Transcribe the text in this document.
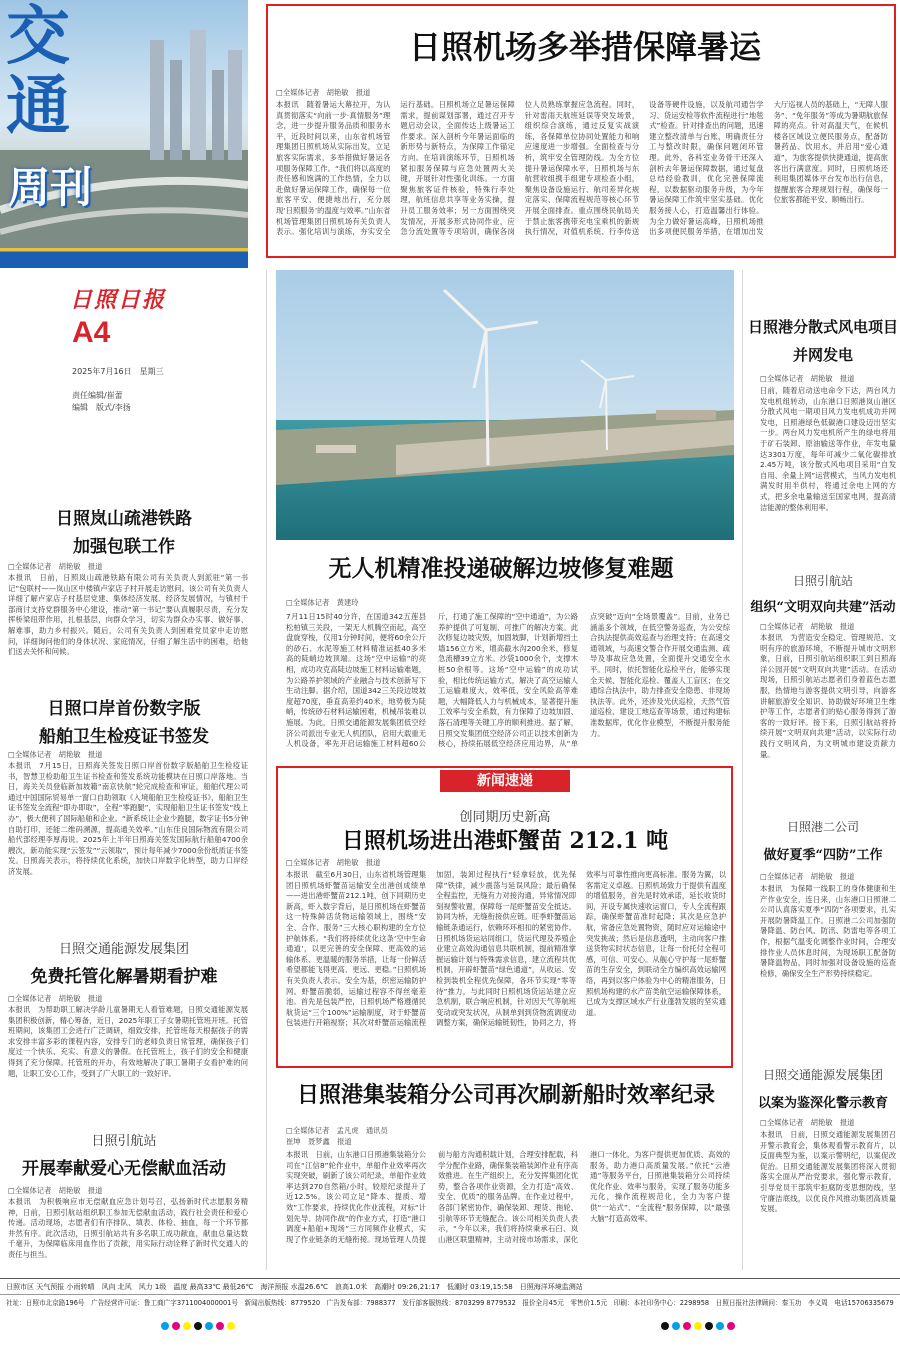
交
通
周刊
日照日报
A4
2025年7月16日　星期三
责任编辑/崔蕾
编辑　版式/李扬
日照机场多举措保障暑运
□全媒体记者　胡艳敏　报道
本报讯　随着暑运大幕拉开，为认真贯彻落实“向前一步·真情服务”理念，进一步提升服务品质和服务水平，近段时间以来，山东省机场管理集团日照机场从实际出发，立足旅客实际需求，多举措做好暑运各项服务保障工作。“我们将以高度的责任感和饱满的工作热情，全力以赴做好暑运保障工作，确保每一位旅客平安、便捷地出行，充分展现‘日照服务’的温度与效率。”山东省机场管理集团日照机场有关负责人表示。强化培训与演练，夯实安全运行基础。日照机场立足暑运保障需求，提前谋划部署，通过召开专题启动会议，全面传达上级暑运工作要求。深入剖析今年暑运面临的新形势与新特点，为保障工作锚定方向。在培训演练环节，日照机场紧扣服务保障与应急处置两大关键，开展针对性强化训练。一方面聚焦旅客证件核验，特殊行李处理，航班信息共享等业务实操，提升员工服务效率；另一方面围绕突发情况，开展多形式协同作业，应急分流处置等专项培训，确保各岗位人员熟练掌握应急流程。同时，针对雷雨天航班延误等突发场景，组织综合演练，通过反复实战演练，各保障单位协同处置能力和响应速度进一步增强。全面检查与分析，筑牢安全管理防线。为全方位提升暑运保障水平，日照机场与东航营收组携手组建专项检查小组，聚焦设备设施运行、航司差异化规定落实、保障流程规范等核心环节开展全面排查。重点围绕民航局关于禁止旅客携带充电宝乘机的新规执行情况，对值机系统、行李传送设备等硬件设施，以及航司通告学习、货运安检等软件流程进行“地毯式”检查。针对排查出的问题，迅速建立整改清单与台账，明确责任分工与整改时限，确保问题闭环管理。此外，各科室业务骨干还深入剖析去年暑运保障数据，通过复盘总结经验教训，优化完善保障流程，以数据驱动服务升级，为今年暑运保障工作筑牢坚实基础。优化服务接人心，打造温馨出行体验。为全力做好暑运高峰，日照机场推出多项便民服务举措，在增加出发大厅巡视人员的基础上，“无障人服务”、“免年服务”等成为暑期航旅保障的亮点。针对高温天气，在候机楼各区域设立便民服务点，配备防暑药品、饮用水，并启用“爱心通道”，为旅客提供快捷通道，提高旅客出行满意度。同时，日照机场还利用集团媒体平台发布出行信息，提醒旅客合理规划行程，确保每一位旅客都能平安、顺畅出行。
无人机精准投递破解边坡修复难题
□全媒体记者　黄建玲
7月11日15时40分许，在国道342五莲县松柏镇三关段，一架无人机腾空而起，高空盘旋穿梭，仅用1分钟时间，便将60余公斤的砂石、水泥等施工材料精准运抵40多米高的陡峭边坡顶端。这场“空中运输”的亮相，成功攻克高陡边坡施工材料运输难题，为公路养护领域的产业融合与技术创新写下生动注脚。据介绍，国道342三关段边坡坡度超70度，垂直高差约40米，地势极为陡峭，传统砂石材料运输困难，机械吊装难以施展。为此，日照交通能源发展集团低空经济公司派出专业无人机团队，启用大载重无人机设备，率先开启运输施工材料超60公斤，打通了施工保障的“空中通道”，为公路养护提供了可复制、可推广的解决方案。此次修复边坡灾毁，加固坡脚，计划新增挡土墙156立方米，增高截水沟200余米，修复急流槽39立方米。沙袋1000余个，支撑木桩50余根等。这场“空中运输”的成功试验，相比传统运输方式，解决了高空运输人工运输难度大，效率低，安全风险高等难题，大幅降低人力与机械成本，显著提升施工效率与安全系数，有力保障了边坡加固、落石清理等关键工序的顺利推进。据了解，日照交发集团低空经济公司正以技术创新为核心，持续拓展低空经济应用边界，从“单点突破”迈向“全场景覆盖”。目前，业务已涵盖多个领域，在低空警务巡查，为公安综合执法提供高效巡查与治理支持；在高速交通领域，与高速交警合作开展交通监测、疏导及事故应急处置，全面提升交通安全水平。同时，依托智能化巡检平台，能够实现全天候、智能化巡检、覆盖人工盲区；在交通综合执法中，助力排查安全隐患、非现场执法等。此外，还涉及光伏巡检，天然气管道巡检、建设工地巡查等场景，通过构建标准数据库，优化作业模型，不断提升服务能力。
新闻速递
创同期历史新高
日照机场进出港虾蟹苗 212.1 吨
□全媒体记者　胡艳敏　报道
本报讯　截至6月30日，山东省机场管理集团日照机场虾蟹苗运输安全出港创成绩单——进出港虾蟹苗212.1吨，创下同期历史新高，虾入数字背后，是日照机场在虾蟹苗这一特殊鲜活货物运输领域上，围绕“安全、合作、服务”三大核心职构建的全方位护航体系。“我们将持续优化这条‘空中生命通道’，以更完善的安全保障、更高效的运输体系、更温暖的服务举措，让每一份鲜活希望都能飞得更高、更远、更稳。”日照机场有关负责人表示。安全为基，织密运输防护网。虾蟹苗脆弱，运输过程容不得丝毫差池。首先是包装严控，日照机场严格遵循民航货运“三个100%”运输制度，对于虾蟹苗包装进行开箱视察；其次对虾蟹苗运输流程加固，装卸过程执行“轻拿轻放，优先保障”铁律，减少震荡与延误风险；最后确保全程监控，无缝有力对接沟通，异常情况即刻视警收置，保障每一尾虾蟹苗安全抵达。协同为桥，无缝衔接供应链。旺季虾蟹苗运输链条通运行，依赖环环相扣的紧密协作。日照机场货运站同组口，货运代理及养殖企业建立高效沟通信息共联机制，提前精准掌握运输计划与特殊需求信息，建立流程共优机制，开辟虾蟹苗“绿色通道”，从收运、安检到装机全程优先保障，各环节实现“零等待”推力，与此同时日照机场货运站建立应急机制，联合响应机制，针对因天气等航班变动或突发状况，从制单到到货物流调度动调整方案，确保运输链韧性，协同之力，将效率与可靠性推向更高标准。服务为翼，以客需定义卓越。日照机场致力于提供有温度的增值服务，首先是时效承诺，延长收货时间，开设专属快速收运窗口，专人全流程跟踪，确保虾蟹苗准时起降；其次是应急护航，常备应急处置物资，随时应对运输途中突发挑战；然后是信息透明，主动向客户推送货物实时状态信息，让每一份托付全程可感，可信、可安心。从舰心守护每一尾虾蟹苗的生存安全，到联动全方编织高效运输网络，再到以客户体验为中心的精准服务，日照机场构建的水产苗类航空运输保障体系，已成为支撑区域水产行业蓬勃发展的坚实通道。
日照港集装箱分公司再次刷新船时效率纪录
□全媒体记者　孟凡虎　通讯员
崔坤　聂梦鑫　报道
本报讯　日前，山东港口日照港集装箱分公司在“江信8”轮作业中，单船作业效率再次实现突破，刷新了该公司纪录，单船作业效率达到270自然箱/小时，较原纪录提升了近12.5%。该公司立足“降本、提质、增效”工作要求，持续优化作业流程，对标“计划先导、协同作战”的作业方式，打造“港口调度+船舶+现场”三方同频作业模式，实现了作业链条的无缝衔接。现场管理人员提前与船方沟通积载计划，合理安排配载，科学分配作业路，确保集装箱装卸作业有序高效推进。在生产组织上，充分发挥集团化优势，整合各项作业资源，全力打造“高效、安全、优质”的服务品牌。在作业过程中，各部门紧密协作，确保装卸、理货、拖轮、引航等环节无缝配合。该公司相关负责人表示，“今年以来，我们将持续秉承石臼、岚山港区联盟精神，主动对接市场需求，深化港口一体化，为客户提供更加优质、高效的服务，助力港口高质量发展。”依托“云港通”等服务平台，日照港集装箱分公司持续优化作业、效率与服务，实现了服务功能多元化，操作流程规范化，全力为客户提供“一站式”、“全流程”服务保障，以“最强大脑”打造高效率。
日照港分散式风电项目
并网发电
□全媒体记者　胡艳敏　报道
日前，随着启动送电命令下达，两台风力发电机组转动，山东港口日照港岚山港区分散式风电一期项目风力发电机成功并网发电，日照港绿色低碳港口建设迈出坚实一步。两台风力发电机所产生的绿电将用于矿石装卸、原油输送等作业，年发电量达3301万度，每年可减少二氧化碳排放2.45万吨，该分散式风电项目采用“自发自用、余量上网”运营模式，当风力发电机满发时用半供村，将通过余电上网的方式，把多余电量输送至国家电网，提高清洁能源的整体利用率。
日照引航站
组织“文明双向共建”活动
□全媒体记者　胡艳敏　报道
本报讯　为营造安全稳定、管理规范、文明有序的旅游环境，不断提升城市文明形象，日前，日照引航站组织职工到日照海洋公园开展“文明双向共建”活动。在活动现场，日照引航站志愿者们身着蓝色志愿服，热情地与游客提供文明引导，向游客讲解旅游安全知识、协助做好环境卫生维护等工作，志愿者们的贴心服务得到了游客的一致好评。接下来，日照引航站将持续开展“文明双向共建”活动，以实际行动践行文明风尚，为文明城市建设贡献力量。
日照港二公司
做好夏季“四防”工作
□全媒体记者　胡艳敏　报道
本报讯　为保障一线职工的身体健康和生产作业安全，连日来，山东港口日照港二公司认真落实夏季“四防”各项要求，扎实开展防暑降温工作。日照港二公司加强防暑降温、防台风、防汛、防雷电等各项工作，根据气温变化调整作业时间，合理安排作业人员休息时间，为现场职工配备防暑降温物品，同时加强对设备设施的巡查检修，确保安全生产形势持续稳定。
日照交通能源发展集团
以案为鉴深化警示教育
□全媒体记者　胡艳敏　报道
本报讯　日前，日照交通能源发展集团召开警示教育会，集体观看警示教育片，以反面典型为鉴，以案示警明纪，以案促改促治。日照交通能源发展集团将深入贯彻落实全面从严治党要求，强化警示教育，引导党员干部筑牢拒腐防变思想防线，坚守廉洁底线，以优良作风推动集团高质量发展。
日照岚山疏港铁路
加强包联工作
□全媒体记者　胡艳敏　报道
本报讯　日前，日照岚山疏港铁路有限公司有关负责人到派驻“第一书记”包联村——岚山区中楼镇卢家店子村开展走访慰问。该公司有关负责人详细了解卢家店子村基层党建、集体经济发展、经济发展情况，与镇村干部商讨支持党群服务中心建设，推动“第一书记”要认真履职尽责，充分发挥桥梁纽带作用，扎根基层，向群众学习，切实为群众办实事、做好事、解难事，助力乡村振兴。随后，公司有关负责人到困难党员家中走访慰问，详细询问他们的身体状况、家庭情况，仔细了解生活中的困难，给他们送去关怀和问候。
日照口岸首份数字版
船舶卫生检疫证书签发
□全媒体记者　胡艳敏　报道
本报讯　7月15日，日照海关签发日照口岸首份数字版船舶卫生检疫证书，智慧卫检助船卫生证书检查和签发系统功能模块在日照口岸落地。当日，海关关员登临新加坡籍“南京快航”轮完成检查和审证，船舶代理公司通过中国国际贸易单一窗口自助领取《入境船舶卫生检疫证书》，船舶卫生证书签发全流程“即办即取”，全程“零跑腿”，实现船舶卫生证书签发“线上办”，极大便利了国际船舶和企业。“新系统让企业少跑腿，数字证书5分钟自助打印，还能二维码溯源，提高通关效率。”山东佳良国际物流有限公司船代部经理李厚海说。2025年上半年日照海关签发国际航行船舶4700余艘次，新功能实现“云签发”“云领取”，预计每年减少7000余份纸质证书签发。日照海关表示，将持续优化系统，加快口岸数字化转型，助力口岸经济发展。
日照交通能源发展集团
免费托管化解暑期看护难
□全媒体记者　胡艳敏　报道
本报讯　为帮助职工解决学龄儿童暑期无人看管难题，日照交通能源发展集团积极创新，精心筹备，近日，2025年职工子女暑期托管班开班。托管班期间，该集团工会进行广泛调研，细致安排，托管班每天根据孩子的需求安排丰富多彩的课程内容，安排专门的老师负责日常管理，确保孩子们度过一个快乐、充实、有意义的暑假。在托管班上，孩子们的安全和健康得到了充分保障。托管班的开办，有效地解决了职工暑期子女看护难的问题，让职工安心工作，受到了广大职工的一致好评。
日照引航站
开展奉献爱心无偿献血活动
□全媒体记者　胡艳敏　报道
本报讯　为积极响应市无偿献血应急计划号召，弘扬新时代志愿服务精神，日前，日照引航站组织职工参加无偿献血活动，践行社会责任和爱心传递。活动现场，志愿者们有序排队、填表、体检、抽血，每一个环节都井然有序。此次活动，日照引航站共有多名职工成功献血，献血总量达数千毫升，为保障临床用血作出了贡献，用实际行动诠释了新时代交通人的责任与担当。
日照市区 天气预报 小雨转晴　风向 北风　风力 1级　温度 最高33℃ 最低26℃　海洋预报 水温26.6℃　浪高1.0米　高潮时 09:26,21:17　低潮时 03:19,15:58　日照海洋环境监测站
社址：日照市北京路196号　广告经营许可证：鲁工商广字3711004000001号　新闻出版热线：8779520　广告发布部：7988377　发行部客服热线：8703299 8779532　报价全月45元　零售价1.5元　印刷：本社印务中心：2298958　日照日报社法律顾问：秦玉功　李义周　电话15706335679
